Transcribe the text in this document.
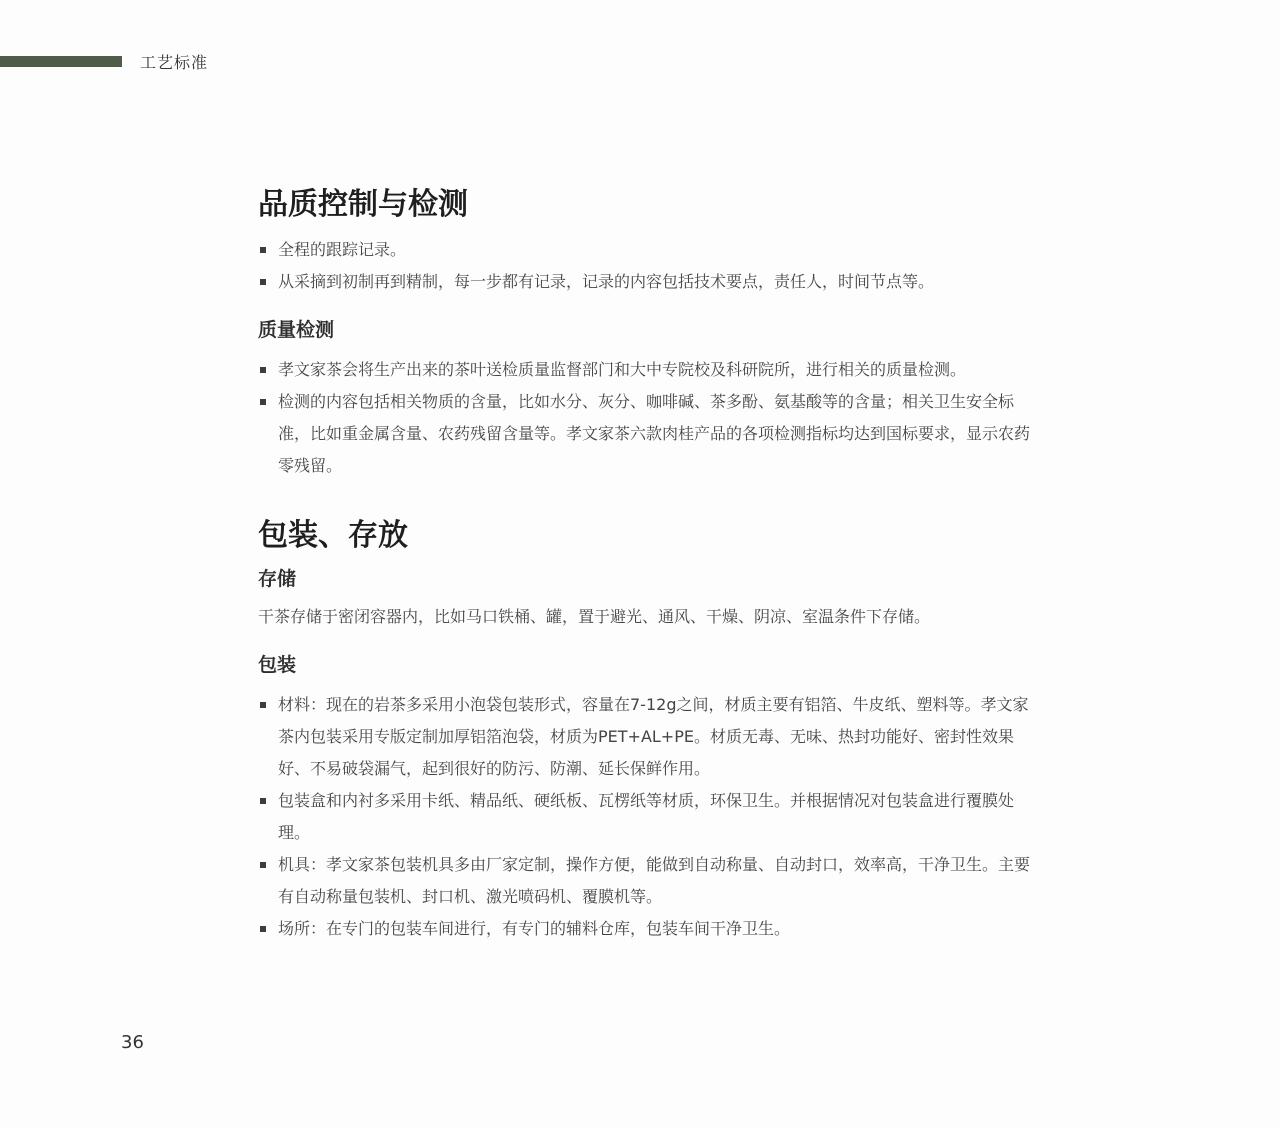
工艺标准
品质控制与检测
全程的跟踪记录。
从采摘到初制再到精制，每一步都有记录，记录的内容包括技术要点，责任人，时间节点等。
质量检测
孝文家茶会将生产出来的茶叶送检质量监督部门和大中专院校及科研院所，进行相关的质量检测。
检测的内容包括相关物质的含量，比如水分、灰分、咖啡碱、茶多酚、氨基酸等的含量；相关卫生安全标准，比如重金属含量、农药残留含量等。孝文家茶六款肉桂产品的各项检测指标均达到国标要求，显示农药零残留。
包装、存放
存储

干茶存储于密闭容器内，比如马口铁桶、罐，置于避光、通风、干燥、阴凉、室温条件下存储。

包装
材料：现在的岩茶多采用小泡袋包装形式，容量在7-12g之间，材质主要有铝箔、牛皮纸、塑料等。孝文家茶内包装采用专版定制加厚铝箔泡袋，材质为PET+AL+PE。材质无毒、无味、热封功能好、密封性效果好、不易破袋漏气，起到很好的防污、防潮、延长保鲜作用。
包装盒和内衬多采用卡纸、精品纸、硬纸板、瓦楞纸等材质，环保卫生。并根据情况对包装盒进行覆膜处理。
机具：孝文家茶包装机具多由厂家定制，操作方便，能做到自动称量、自动封口，效率高，干净卫生。主要有自动称量包装机、封口机、激光喷码机、覆膜机等。
场所：在专门的包装车间进行，有专门的辅料仓库，包装车间干净卫生。
36
